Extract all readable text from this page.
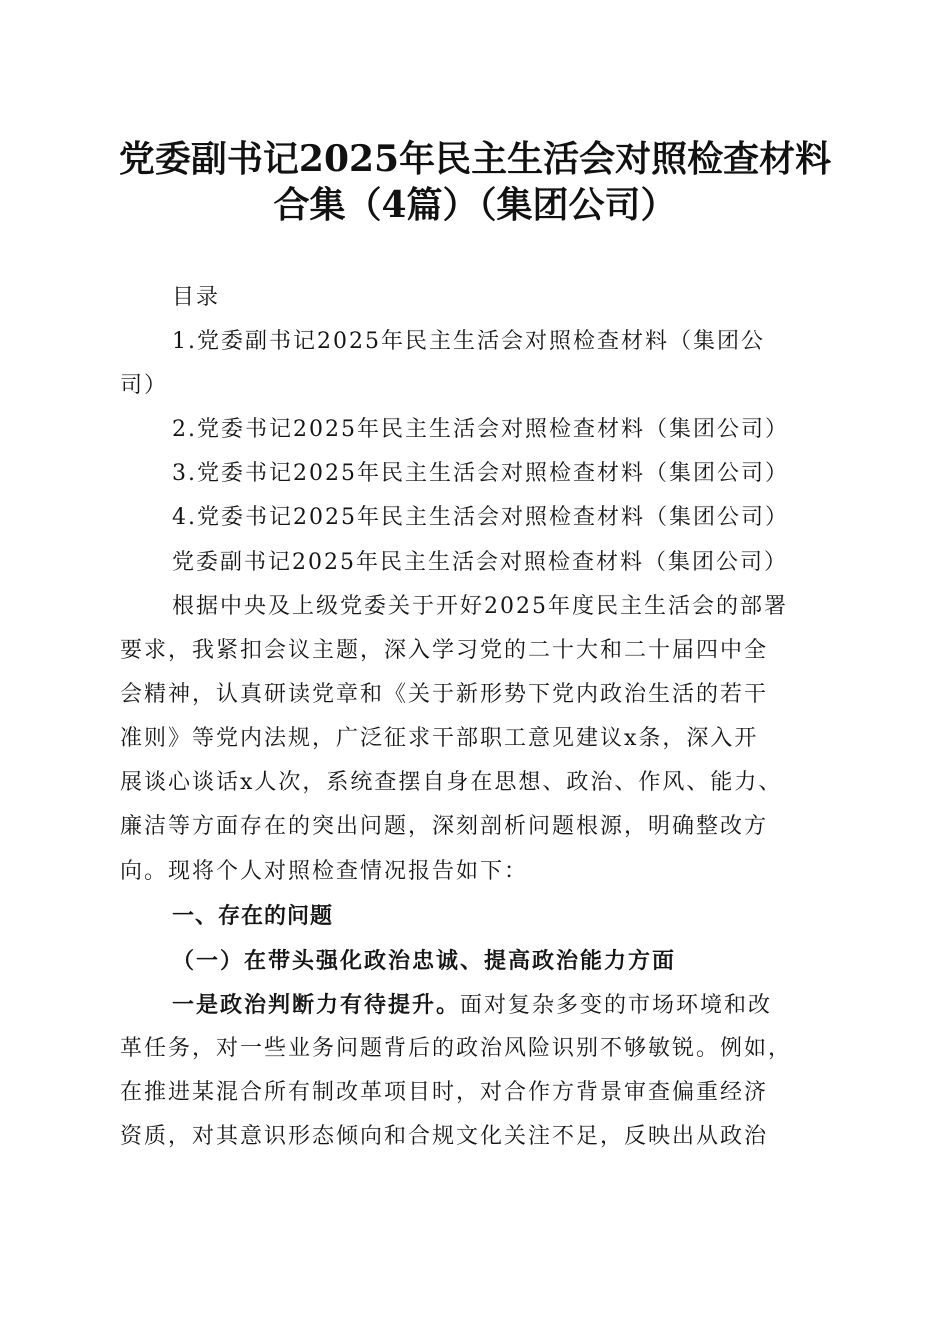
党委副书记2025年民主生活会对照检查材料
合集（4篇）（集团公司）
目录
1.党委副书记2025年民主生活会对照检查材料（集团公
司）
2.党委书记2025年民主生活会对照检查材料（集团公司）
3.党委书记2025年民主生活会对照检查材料（集团公司）
4.党委书记2025年民主生活会对照检查材料（集团公司）
党委副书记2025年民主生活会对照检查材料（集团公司）
根据中央及上级党委关于开好2025年度民主生活会的部署
要求，我紧扣会议主题，深入学习党的二十大和二十届四中全
会精神，认真研读党章和《关于新形势下党内政治生活的若干
准则》等党内法规，广泛征求干部职工意见建议x条，深入开
展谈心谈话x人次，系统查摆自身在思想、政治、作风、能力、
廉洁等方面存在的突出问题，深刻剖析问题根源，明确整改方
向。现将个人对照检查情况报告如下：
一、存在的问题
（一）在带头强化政治忠诚、提高政治能力方面
一是政治判断力有待提升。面对复杂多变的市场环境和改
革任务，对一些业务问题背后的政治风险识别不够敏锐。例如，
在推进某混合所有制改革项目时，对合作方背景审查偏重经济
资质，对其意识形态倾向和合规文化关注不足，反映出从政治
